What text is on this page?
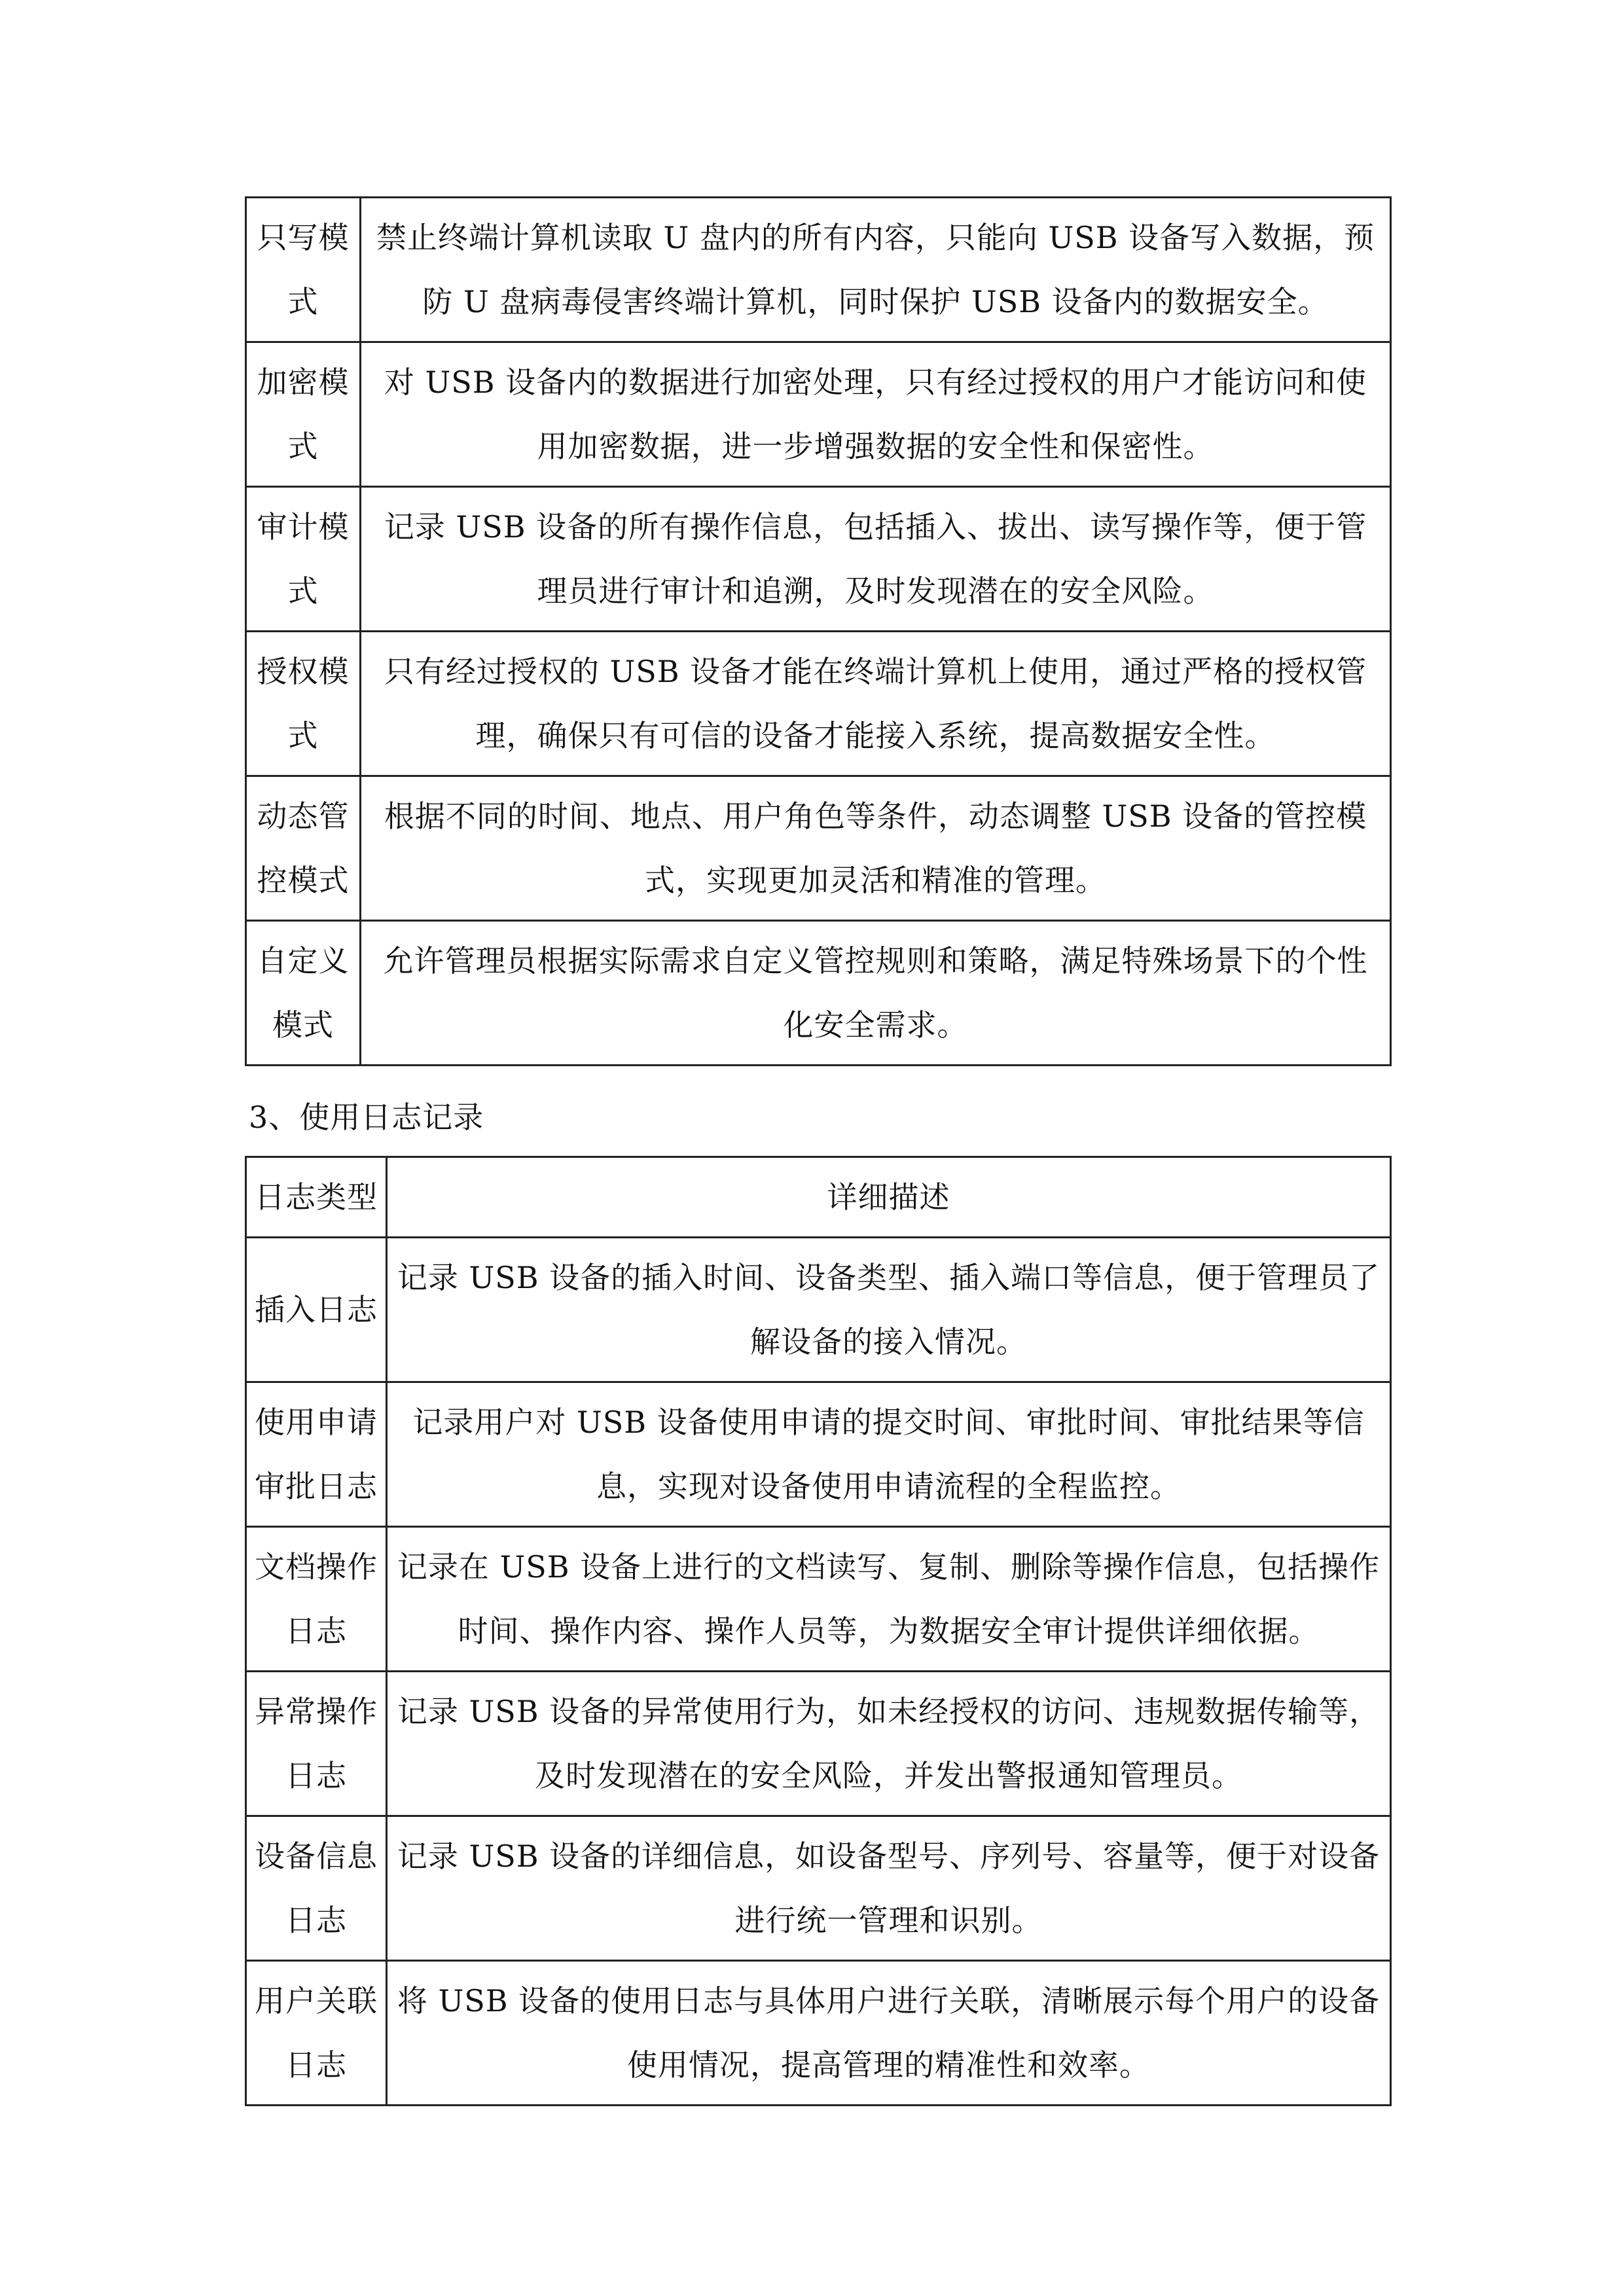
只写模式	禁止终端计算机读取 U 盘内的所有内容，只能向 USB 设备写入数据，预防 U 盘病毒侵害终端计算机，同时保护 USB 设备内的数据安全。
加密模式	对 USB 设备内的数据进行加密处理，只有经过授权的用户才能访问和使用加密数据，进一步增强数据的安全性和保密性。
审计模式	记录 USB 设备的所有操作信息，包括插入、拔出、读写操作等，便于管理员进行审计和追溯，及时发现潜在的安全风险。
授权模式	只有经过授权的 USB 设备才能在终端计算机上使用，通过严格的授权管理，确保只有可信的设备才能接入系统，提高数据安全性。
动态管控模式	根据不同的时间、地点、用户角色等条件，动态调整 USB 设备的管控模式，实现更加灵活和精准的管理。
自定义模式	允许管理员根据实际需求自定义管控规则和策略，满足特殊场景下的个性化安全需求。
3、使用日志记录
日志类型	详细描述
插入日志	记录 USB 设备的插入时间、设备类型、插入端口等信息，便于管理员了解设备的接入情况。
使用申请审批日志	记录用户对 USB 设备使用申请的提交时间、审批时间、审批结果等信息，实现对设备使用申请流程的全程监控。
文档操作日志	记录在 USB 设备上进行的文档读写、复制、删除等操作信息，包括操作时间、操作内容、操作人员等，为数据安全审计提供详细依据。
异常操作日志	记录 USB 设备的异常使用行为，如未经授权的访问、违规数据传输等，及时发现潜在的安全风险，并发出警报通知管理员。
设备信息日志	记录 USB 设备的详细信息，如设备型号、序列号、容量等，便于对设备进行统一管理和识别。
用户关联日志	将 USB 设备的使用日志与具体用户进行关联，清晰展示每个用户的设备使用情况，提高管理的精准性和效率。
